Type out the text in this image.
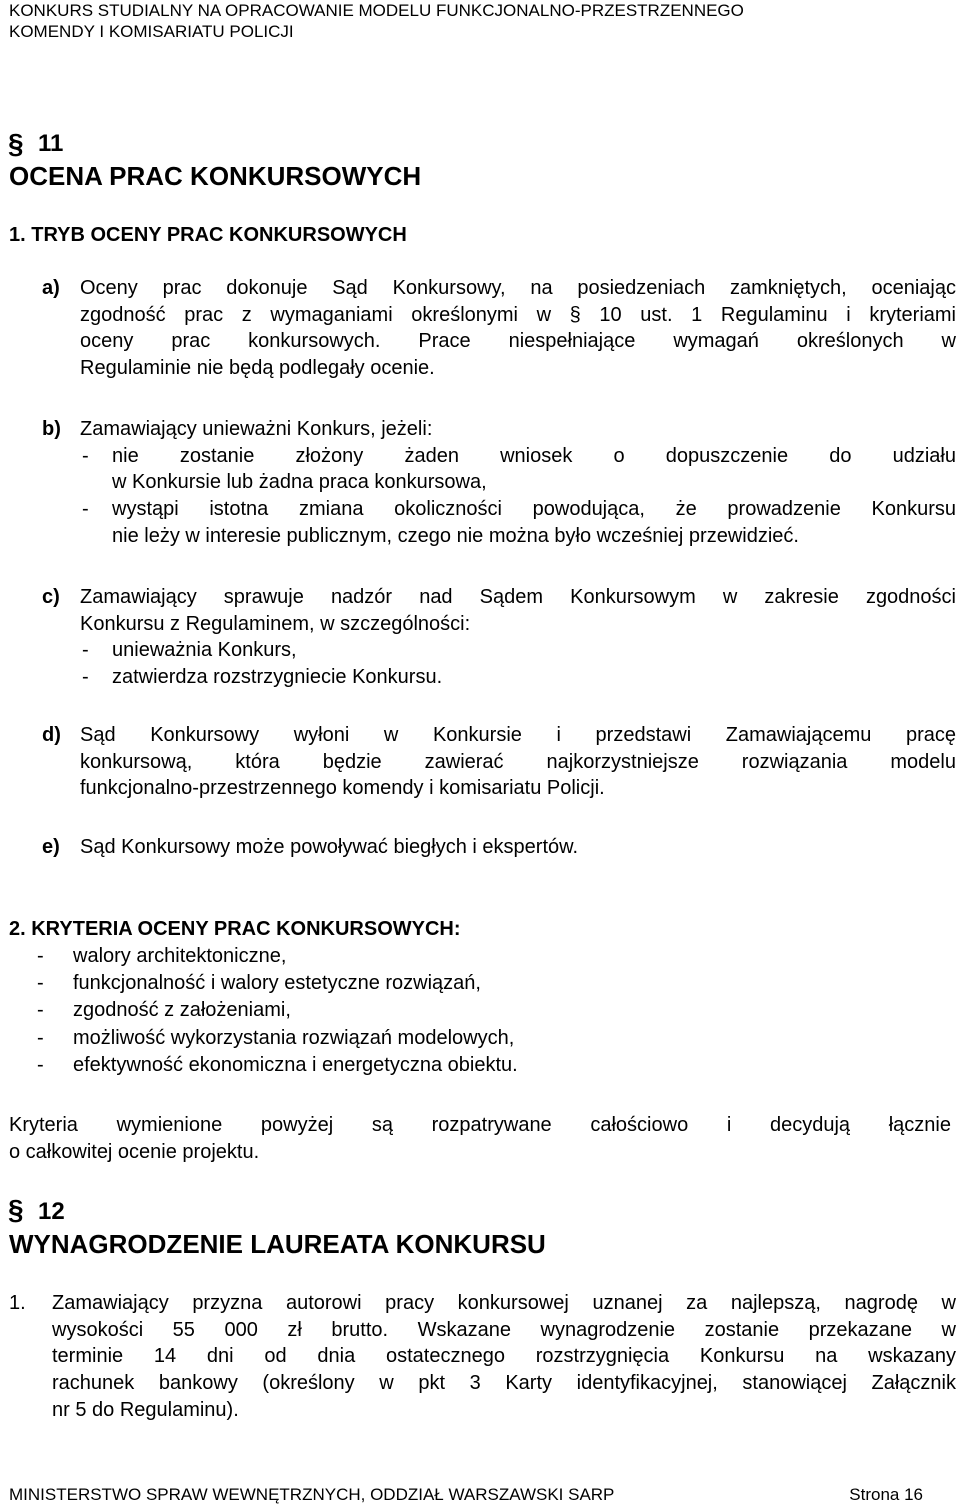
KONKURS STUDIALNY NA OPRACOWANIE MODELU FUNKCJONALNO-PRZESTRZENNEGO
KOMENDY I KOMISARIATU POLICJI
§ 11
OCENA PRAC KONKURSOWYCH
1. TRYB OCENY PRAC KONKURSOWYCH
a) Oceny prac dokonuje Sąd Konkursowy, na posiedzeniach zamkniętych, oceniając
zgodność prac z wymaganiami określonymi w § 10 ust. 1 Regulaminu i kryteriami
oceny prac konkursowych. Prace niespełniające wymagań określonych w
Regulaminie nie będą podlegały ocenie.
b) Zamawiający unieważni Konkurs, jeżeli:
- nie zostanie złożony żaden wniosek o dopuszczenie do udziału
w Konkursie lub żadna praca konkursowa,
- wystąpi istotna zmiana okoliczności powodująca, że prowadzenie Konkursu
nie leży w interesie publicznym, czego nie można było wcześniej przewidzieć.
c) Zamawiający sprawuje nadzór nad Sądem Konkursowym w zakresie zgodności
Konkursu z Regulaminem, w szczególności:
- unieważnia Konkurs,
- zatwierdza rozstrzygniecie Konkursu.
d) Sąd Konkursowy wyłoni w Konkursie i przedstawi Zamawiającemu pracę
konkursową, która będzie zawierać najkorzystniejsze rozwiązania modelu
funkcjonalno-przestrzennego komendy i komisariatu Policji.
e) Sąd Konkursowy może powoływać biegłych i ekspertów.
2. KRYTERIA OCENY PRAC KONKURSOWYCH:
- walory architektoniczne,
- funkcjonalność i walory estetyczne rozwiązań,
- zgodność z założeniami,
- możliwość wykorzystania rozwiązań modelowych,
- efektywność ekonomiczna i energetyczna obiektu.
Kryteria wymienione powyżej są rozpatrywane całościowo i decydują łącznie
o całkowitej ocenie projektu.
§ 12
WYNAGRODZENIE LAUREATA KONKURSU
1. Zamawiający przyzna autorowi pracy konkursowej uznanej za najlepszą, nagrodę w
wysokości 55 000 zł brutto. Wskazane wynagrodzenie zostanie przekazane w
terminie 14 dni od dnia ostatecznego rozstrzygnięcia Konkursu na wskazany
rachunek bankowy (określony w pkt 3 Karty identyfikacyjnej, stanowiącej Załącznik
nr 5 do Regulaminu).
MINISTERSTWO SPRAW WEWNĘTRZNYCH, ODDZIAŁ WARSZAWSKI SARP	Strona 16
